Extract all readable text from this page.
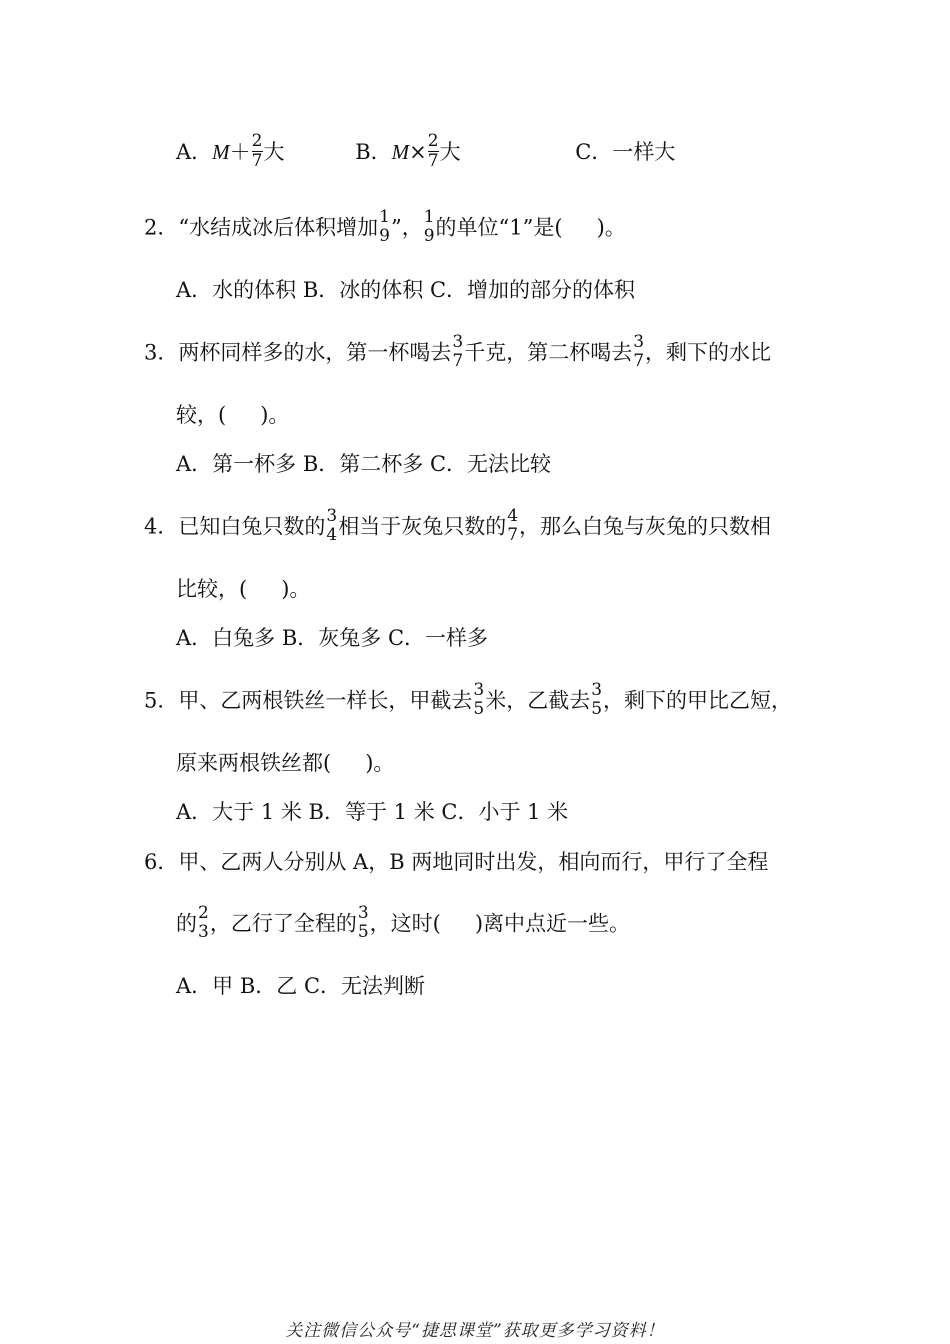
A．$M+ \frac{2}{7}$ 大	B．$M\times \frac{2}{7}$ 大	C．一样大
2．“水结成冰后体积增加 1
9 ”， 1
9 的单位“1”是( )。
A．水的体积 B．冰的体积 C．增加的部分的体积
3．两杯同样多的水，第一杯喝去 3
7 千克，第二杯喝去 3
7 ，剩下的水比
较，( )。
A．第一杯多 B．第二杯多 C．无法比较
4．已知白兔只数的 3
4 相当于灰兔只数的 4
7 ，那么白兔与灰兔的只数相
比较，( )。
A．白兔多 B．灰兔多 C．一样多
5．甲、乙两根铁丝一样长，甲截去 3
5 米，乙截去 3
5 ，剩下的甲比乙短，
原来两根铁丝都( )。
A．大于 1 米 B．等于 1 米 C．小于 1 米
6．甲、乙两人分别从 A，B 两地同时出发，相向而行，甲行了全程
的 2
3 ，乙行了全程的 3
5 ，这时( )离中点近一些。
A．甲 B．乙 C．无法判断
关注微信公众号“捷思课堂”获取更多学习资料！
